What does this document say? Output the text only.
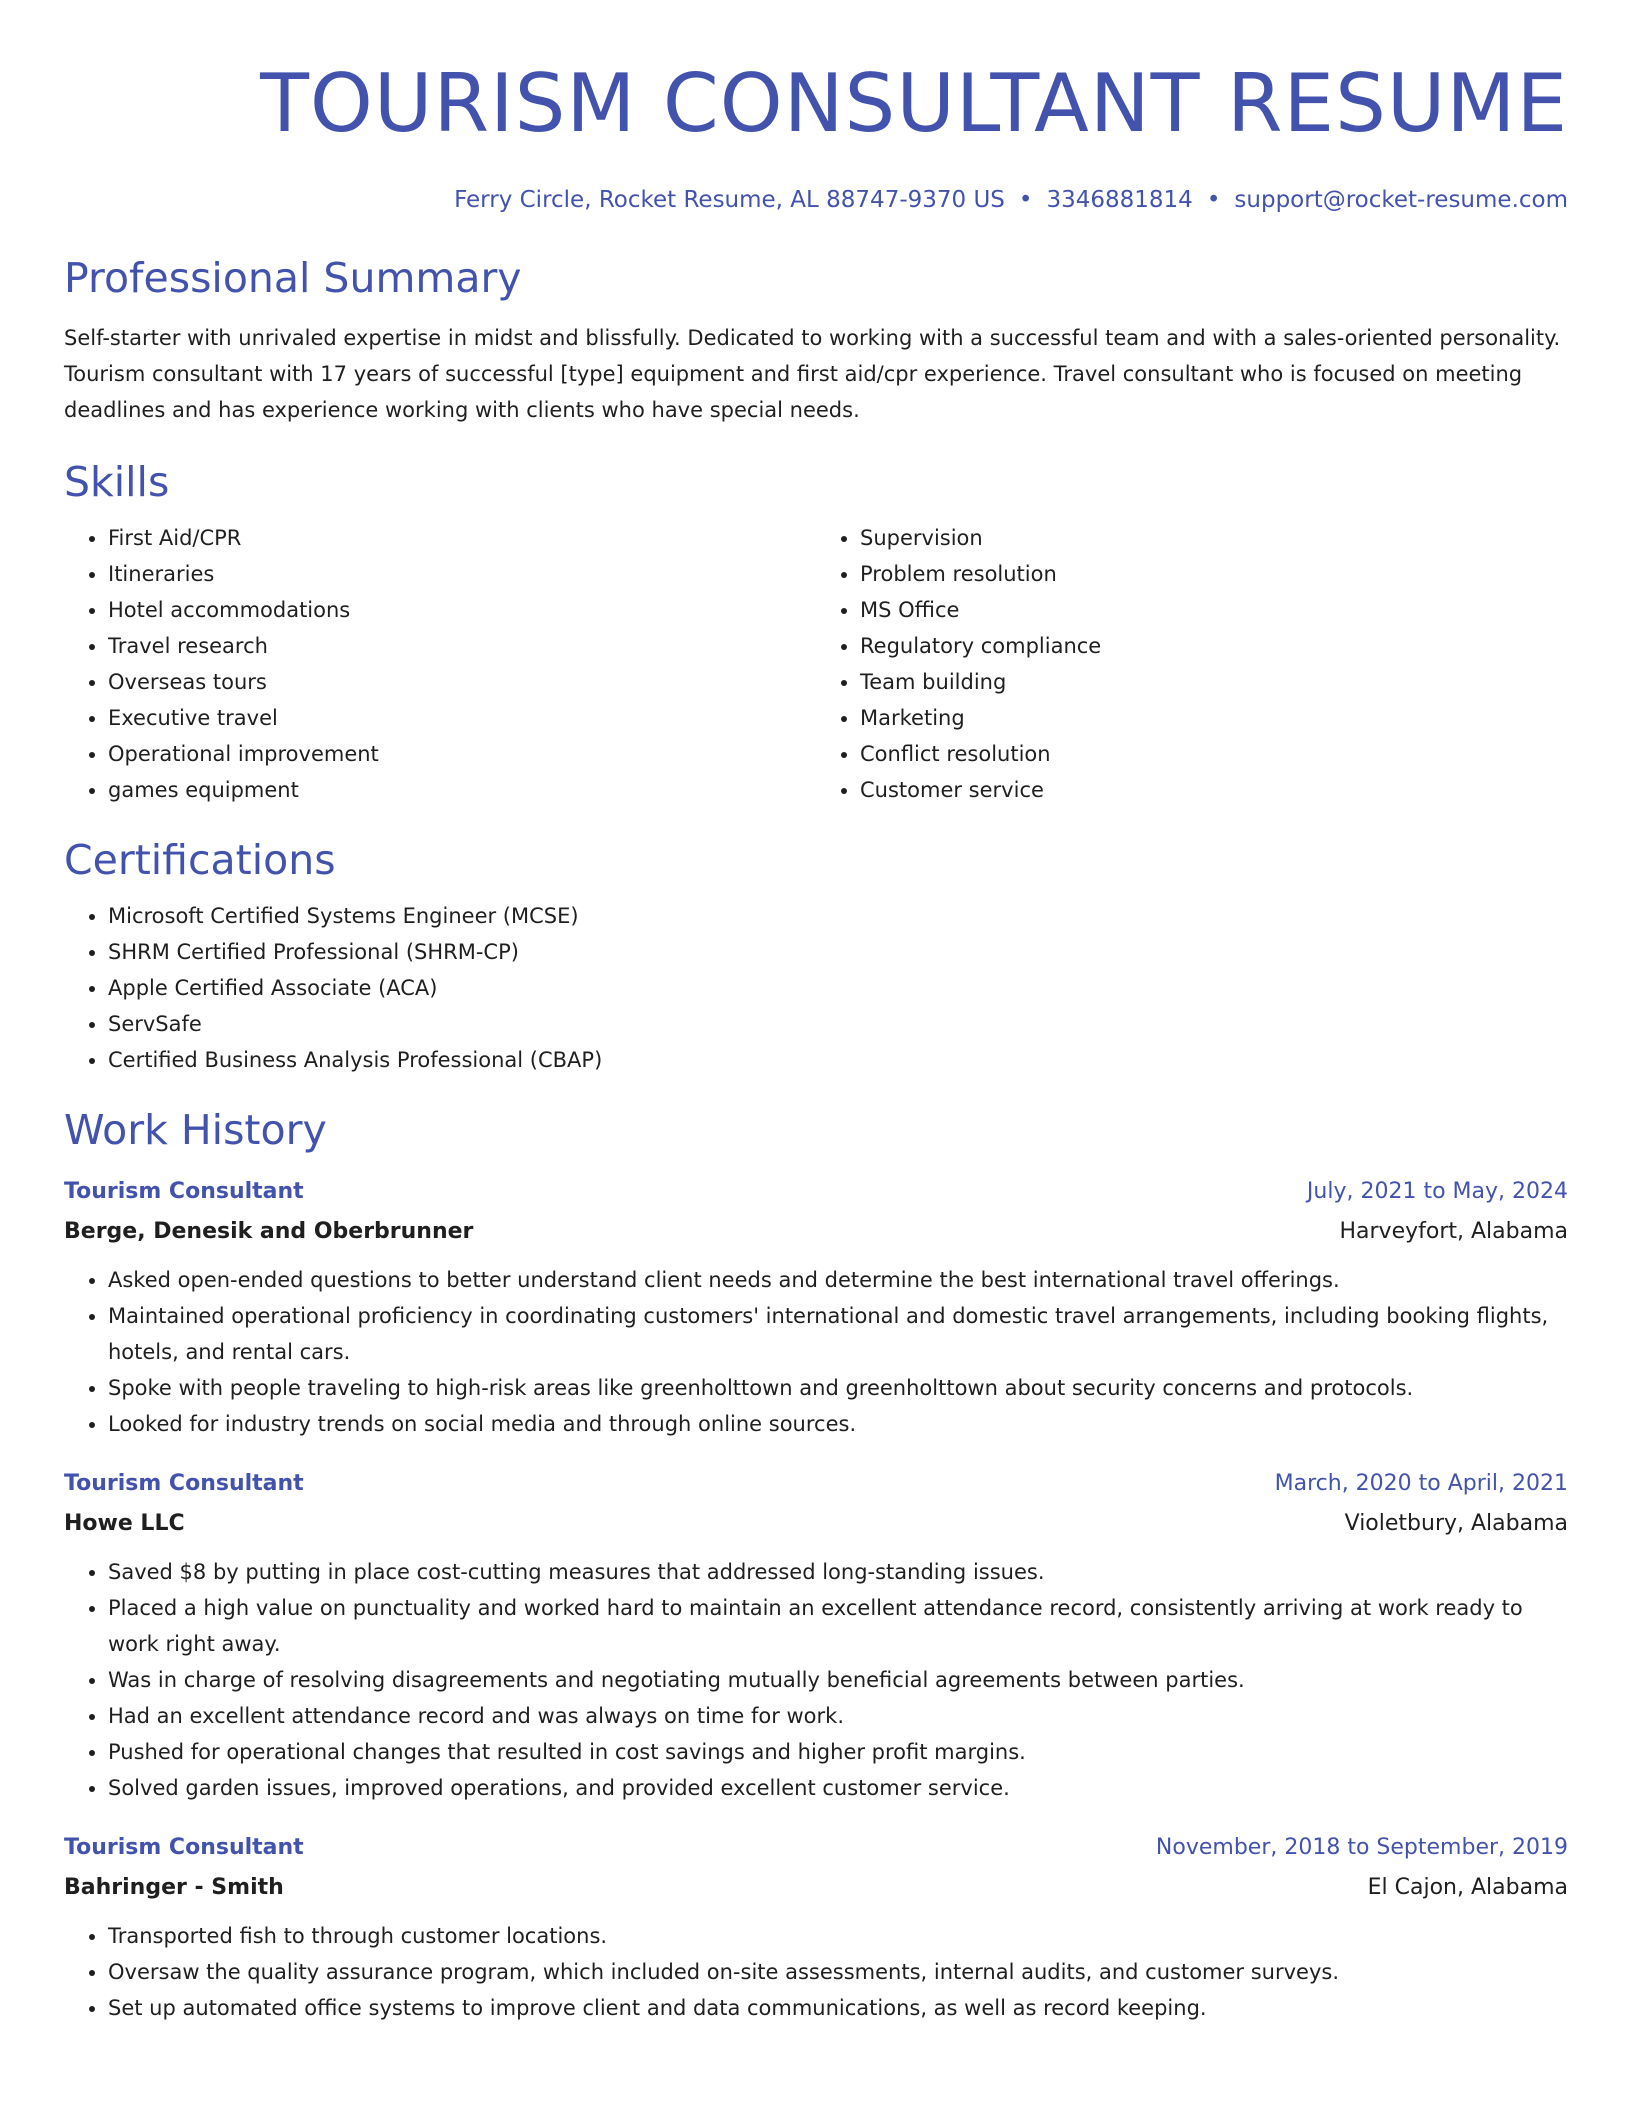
TOURISM CONSULTANT RESUME
Ferry Circle, Rocket Resume, AL 88747-9370 US • 3346881814 • support@rocket-resume.com
Professional Summary

Self-starter with unrivaled expertise in midst and blissfully. Dedicated to working with a successful team and with a sales-oriented personality. Tourism consultant with 17 years of successful [type] equipment and first aid/cpr experience. Travel consultant who is focused on meeting deadlines and has experience working with clients who have special needs.

Skills
• First Aid/CPR
• Itineraries
• Hotel accommodations
• Travel research
• Overseas tours
• Executive travel
• Operational improvement
• games equipment
• Supervision
• Problem resolution
• MS Office
• Regulatory compliance
• Team building
• Marketing
• Conflict resolution
• Customer service
Certifications
• Microsoft Certified Systems Engineer (MCSE)
• SHRM Certified Professional (SHRM-CP)
• Apple Certified Associate (ACA)
• ServSafe
• Certified Business Analysis Professional (CBAP)
Work History
Tourism Consultant	July, 2021 to May, 2024
Berge, Denesik and Oberbrunner	Harveyfort, Alabama
• Asked open-ended questions to better understand client needs and determine the best international travel offerings.
• Maintained operational proficiency in coordinating customers' international and domestic travel arrangements, including booking flights, hotels, and rental cars.
• Spoke with people traveling to high-risk areas like greenholttown and greenholttown about security concerns and protocols.
• Looked for industry trends on social media and through online sources.
Tourism Consultant	March, 2020 to April, 2021
Howe LLC	Violetbury, Alabama
• Saved $8 by putting in place cost-cutting measures that addressed long-standing issues.
• Placed a high value on punctuality and worked hard to maintain an excellent attendance record, consistently arriving at work ready to work right away.
• Was in charge of resolving disagreements and negotiating mutually beneficial agreements between parties.
• Had an excellent attendance record and was always on time for work.
• Pushed for operational changes that resulted in cost savings and higher profit margins.
• Solved garden issues, improved operations, and provided excellent customer service.
Tourism Consultant	November, 2018 to September, 2019
Bahringer - Smith	El Cajon, Alabama
• Transported fish to through customer locations.
• Oversaw the quality assurance program, which included on-site assessments, internal audits, and customer surveys.
• Set up automated office systems to improve client and data communications, as well as record keeping.
